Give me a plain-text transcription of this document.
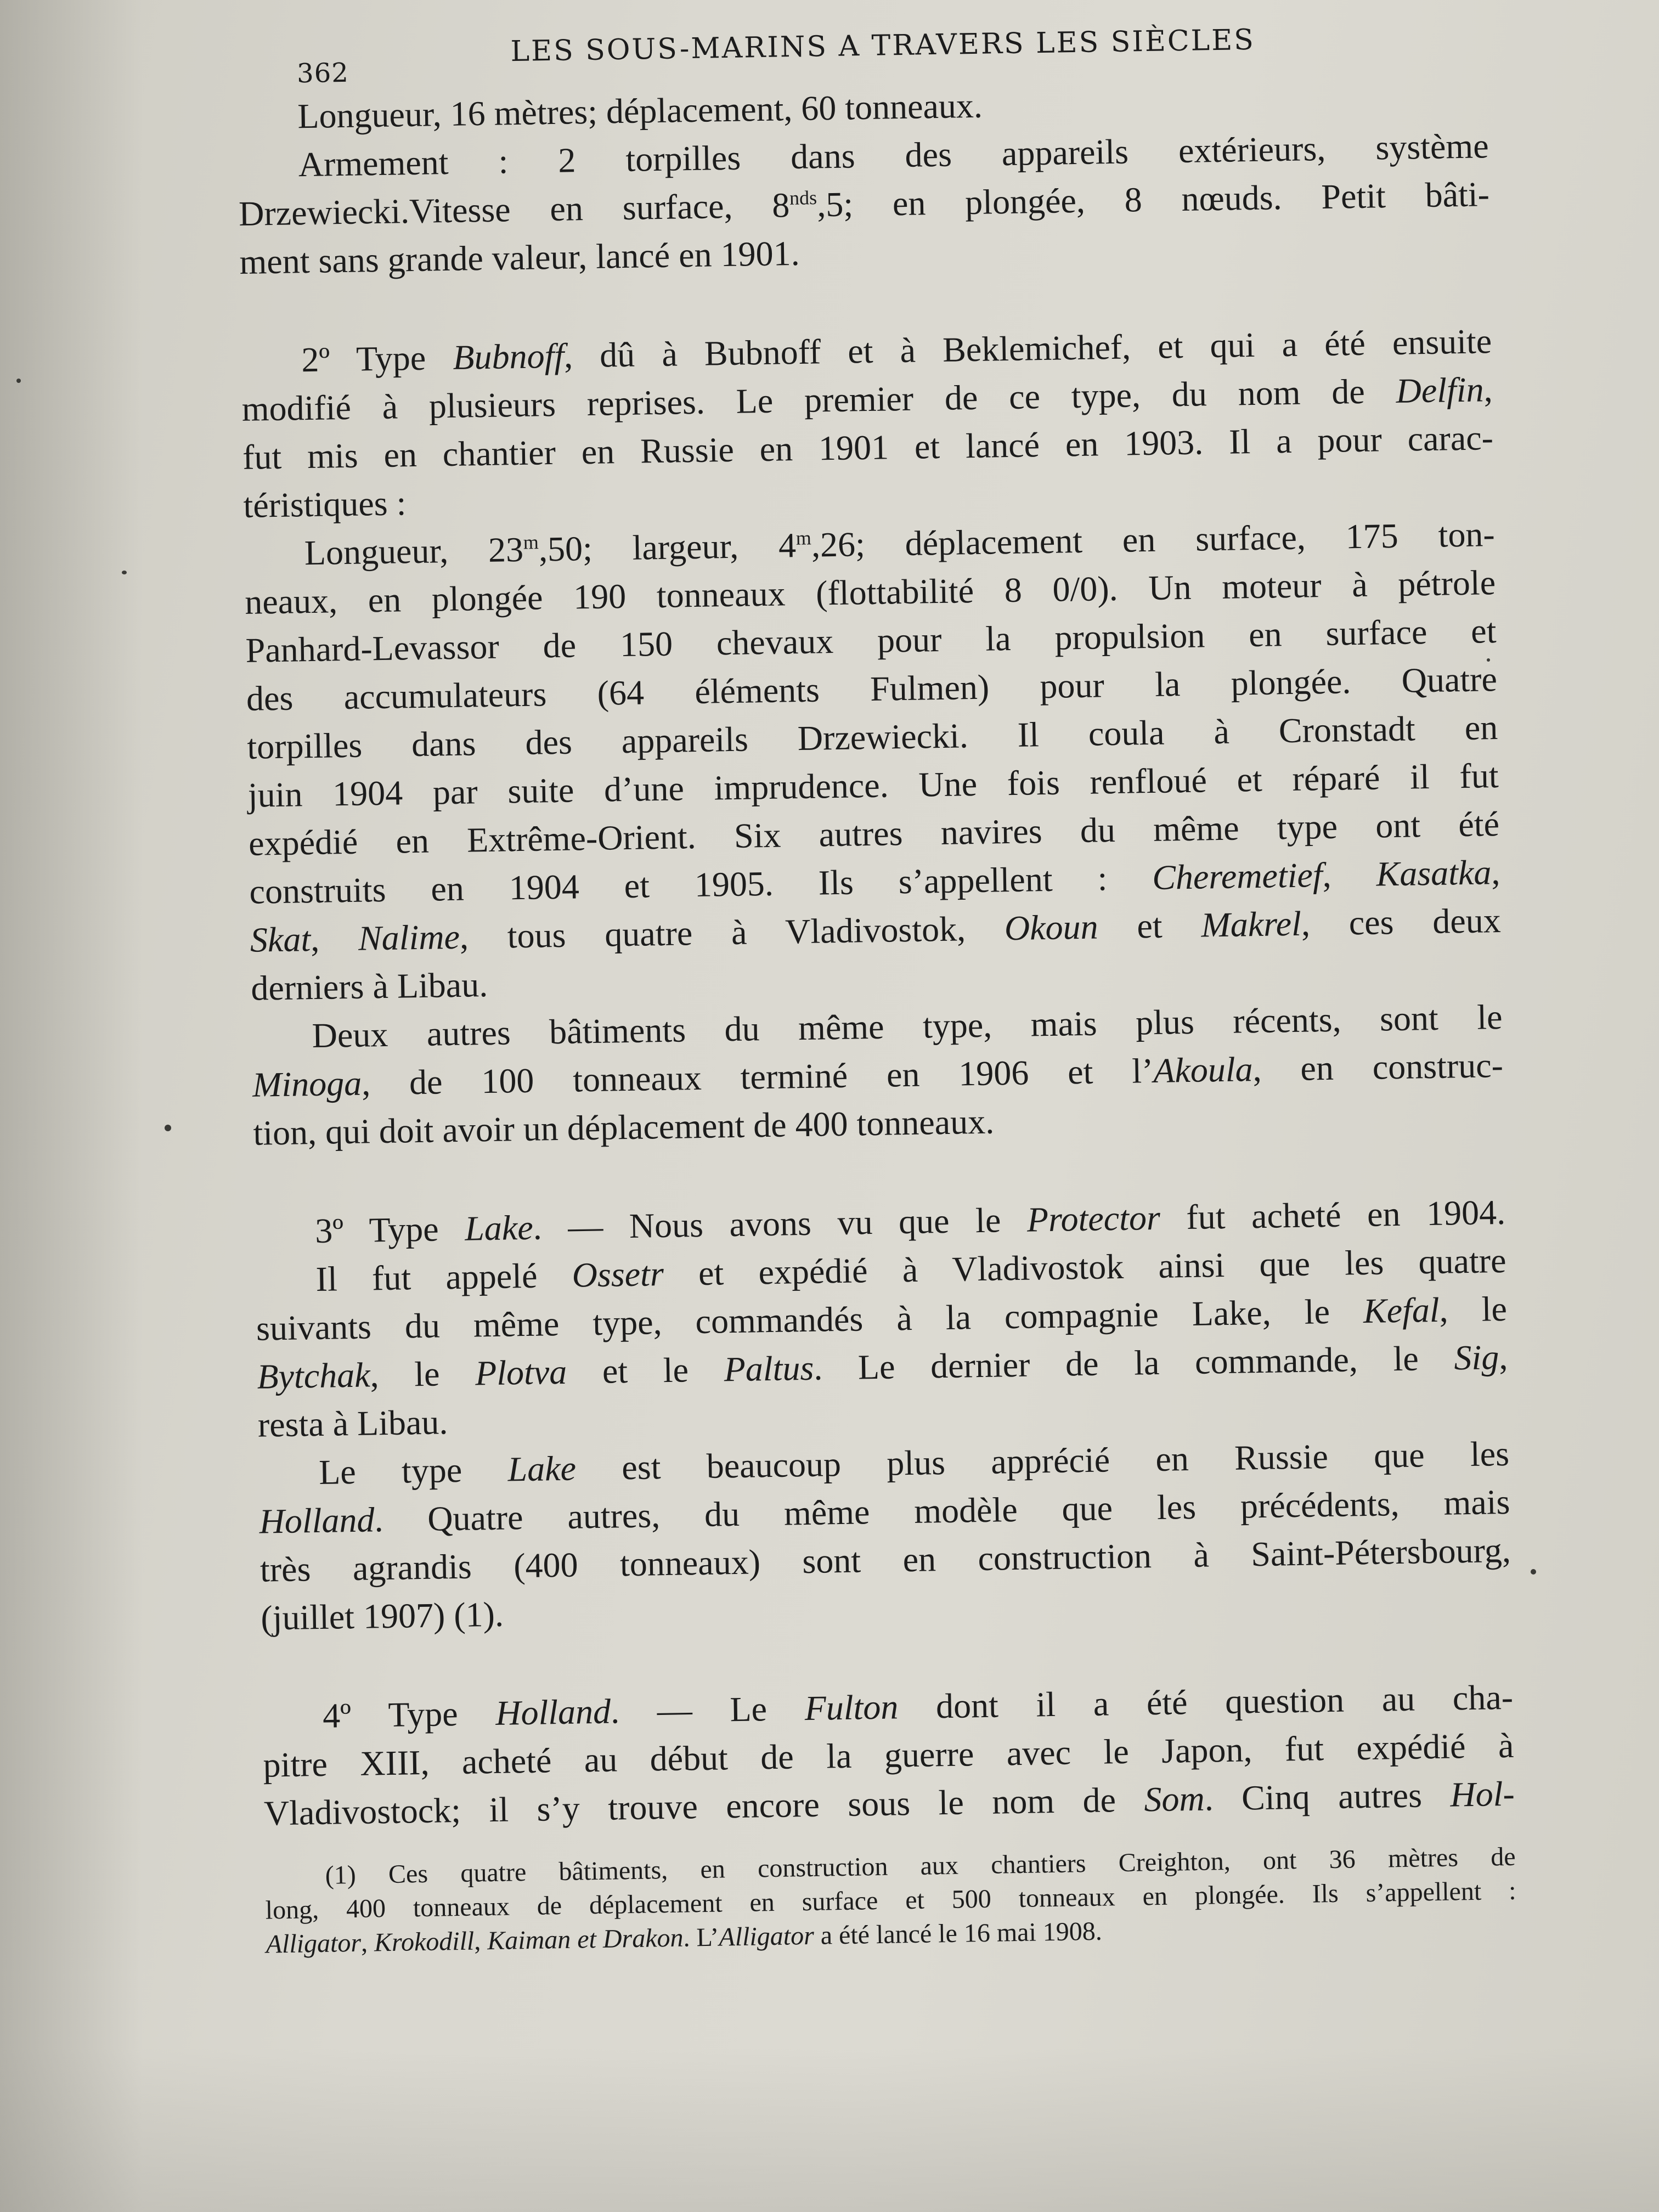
362
LES SOUS-MARINS A TRAVERS LES SIÈCLES
Longueur, 16 mètres; déplacement, 60 tonneaux.
Armement : 2 torpilles dans des appareils extérieurs, système
Drzewiecki.Vitesse en surface, $8^{nds},5$; en plongée, 8 nœuds. Petit bâti-
ment sans grande valeur, lancé en 1901.
2º Type Bubnoff, dû à Bubnoff et à Beklemichef, et qui a été ensuite
modifié à plusieurs reprises. Le premier de ce type, du nom de Delfin,
fut mis en chantier en Russie en 1901 et lancé en 1903. Il a pour carac-
téristiques :
Longueur, 23$^m$,50; largeur, 4$^m$,26; déplacement en surface, 175 ton-
neaux, en plongée 190 tonneaux (flottabilité 8 0/0). Un moteur à pétrole
Panhard-Levassor de 150 chevaux pour la propulsion en surface et
des accumulateurs (64 éléments Fulmen) pour la plongée. Quatre
torpilles dans des appareils Drzewiecki. Il coula à Cronstadt en
juin 1904 par suite d’une imprudence. Une fois renfloué et réparé il fut
expédié en Extrême-Orient. Six autres navires du même type ont été
construits en 1904 et 1905. Ils s’appellent : Cheremetief, Kasatka,
Skat, Nalime, tous quatre à Vladivostok, Okoun et Makrel, ces deux
derniers à Libau.
Deux autres bâtiments du même type, mais plus récents, sont le
Minoga, de 100 tonneaux terminé en 1906 et l’Akoula, en construc-
tion, qui doit avoir un déplacement de 400 tonneaux.
3º Type Lake. — Nous avons vu que le Protector fut acheté en 1904.
Il fut appelé Ossetr et expédié à Vladivostok ainsi que les quatre
suivants du même type, commandés à la compagnie Lake, le Kefal, le
Bytchak, le Plotva et le Paltus. Le dernier de la commande, le Sig,
resta à Libau.
Le type Lake est beaucoup plus apprécié en Russie que les
Holland. Quatre autres, du même modèle que les précédents, mais
très agrandis (400 tonneaux) sont en construction à Saint-Pétersbourg,
(juillet 1907) (1).
4º Type Holland. — Le Fulton dont il a été question au cha-
pitre XIII, acheté au début de la guerre avec le Japon, fut expédié à
Vladivostock; il s’y trouve encore sous le nom de Som. Cinq autres Hol-
(1) Ces quatre bâtiments, en construction aux chantiers Creighton, ont 36 mètres de
long, 400 tonneaux de déplacement en surface et 500 tonneaux en plongée. Ils s’appellent :
Alligator, Krokodill, Kaiman et Drakon. L’Alligator a été lancé le 16 mai 1908.
